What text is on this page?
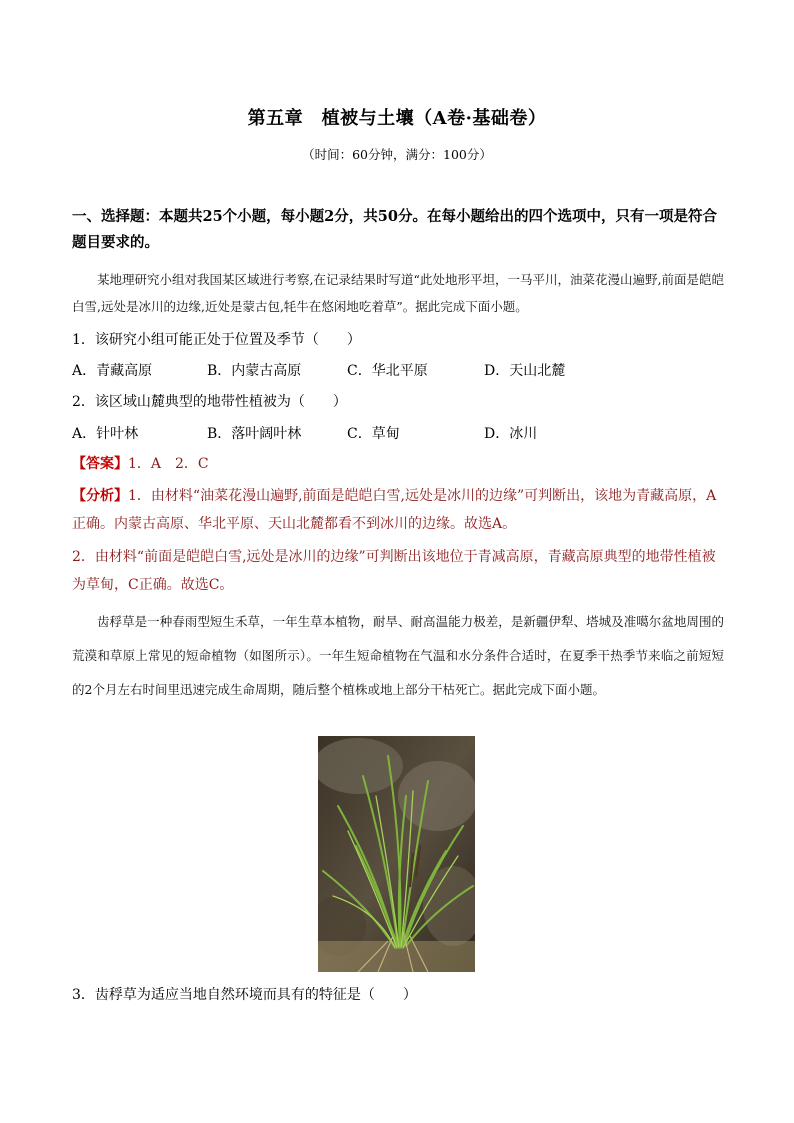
第五章　植被与土壤（A卷·基础卷）
（时间：60分钟，满分：100分）
一、选择题：本题共25个小题，每小题2分，共50分。在每小题给出的四个选项中，只有一项是符合题目要求的。
某地理研究小组对我国某区域进行考察,在记录结果时写道“此处地形平坦，一马平川，油菜花漫山遍野,前面是皑皑白雪,远处是冰川的边缘,近处是蒙古包,牦牛在悠闲地吃着草”。据此完成下面小题。
1．该研究小组可能正处于位置及季节（　　）
A．青藏高原	B．内蒙古高原	C．华北平原	D．天山北麓
2．该区域山麓典型的地带性植被为（　　）
A．针叶林	B．落叶阔叶林	C．草甸	D．冰川
【答案】1．A　2．C
【分析】1．由材料“油菜花漫山遍野,前面是皑皑白雪,远处是冰川的边缘”可判断出，该地为青藏高原，A正确。内蒙古高原、华北平原、天山北麓都看不到冰川的边缘。故选A。
2．由材料“前面是皑皑白雪,远处是冰川的边缘”可判断出该地位于青减高原，青藏高原典型的地带性植被为草甸，C正确。故选C。
齿稃草是一种春雨型短生禾草，一年生草本植物，耐旱、耐高温能力极差，是新疆伊犁、塔城及准噶尔盆地周围的荒漠和草原上常见的短命植物（如图所示）。一年生短命植物在气温和水分条件合适时，在夏季干热季节来临之前短短的2个月左右时间里迅速完成生命周期，随后整个植株或地上部分干枯死亡。据此完成下面小题。
3．齿稃草为适应当地自然环境而具有的特征是（　　）
